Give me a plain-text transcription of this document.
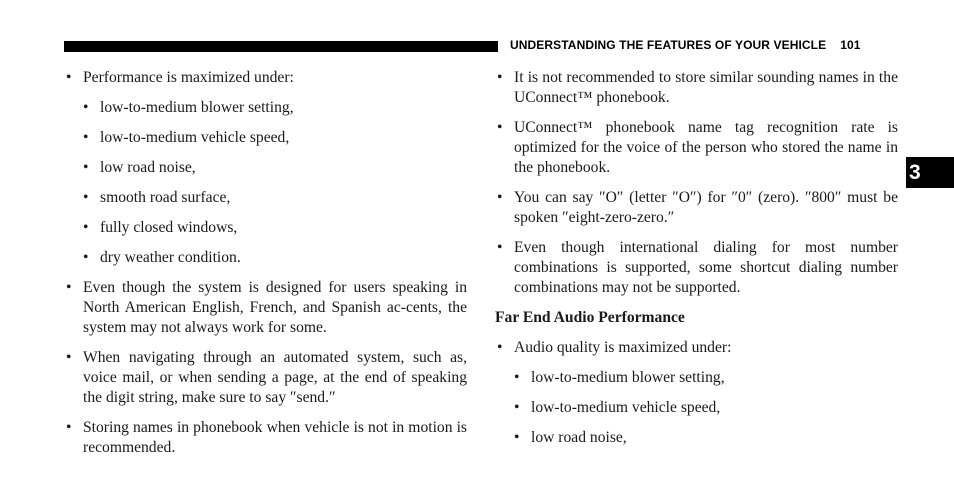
UNDERSTANDING THE FEATURES OF YOUR VEHICLE 101
3
• Performance is maximized under:
• low-to-medium blower setting,
• low-to-medium vehicle speed,
• low road noise,
• smooth road surface,
• fully closed windows,
• dry weather condition.
• Even though the system is designed for users speaking in North American English, French, and Spanish ac-cents, the system may not always work for some.
• When navigating through an automated system, such as, voice mail, or when sending a page, at the end of speaking the digit string, make sure to say ″send.″
• Storing names in phonebook when vehicle is not in motion is recommended.
• It is not recommended to store similar sounding names in the UConnect™ phonebook.
• UConnect™ phonebook name tag recognition rate is optimized for the voice of the person who stored the name in the phonebook.
• You can say ″O″ (letter ″O″) for ″0″ (zero). ″800″ must be spoken ″eight-zero-zero.″
• Even though international dialing for most number combinations is supported, some shortcut dialing number combinations may not be supported.
Far End Audio Performance
• Audio quality is maximized under:
• low-to-medium blower setting,
• low-to-medium vehicle speed,
• low road noise,
